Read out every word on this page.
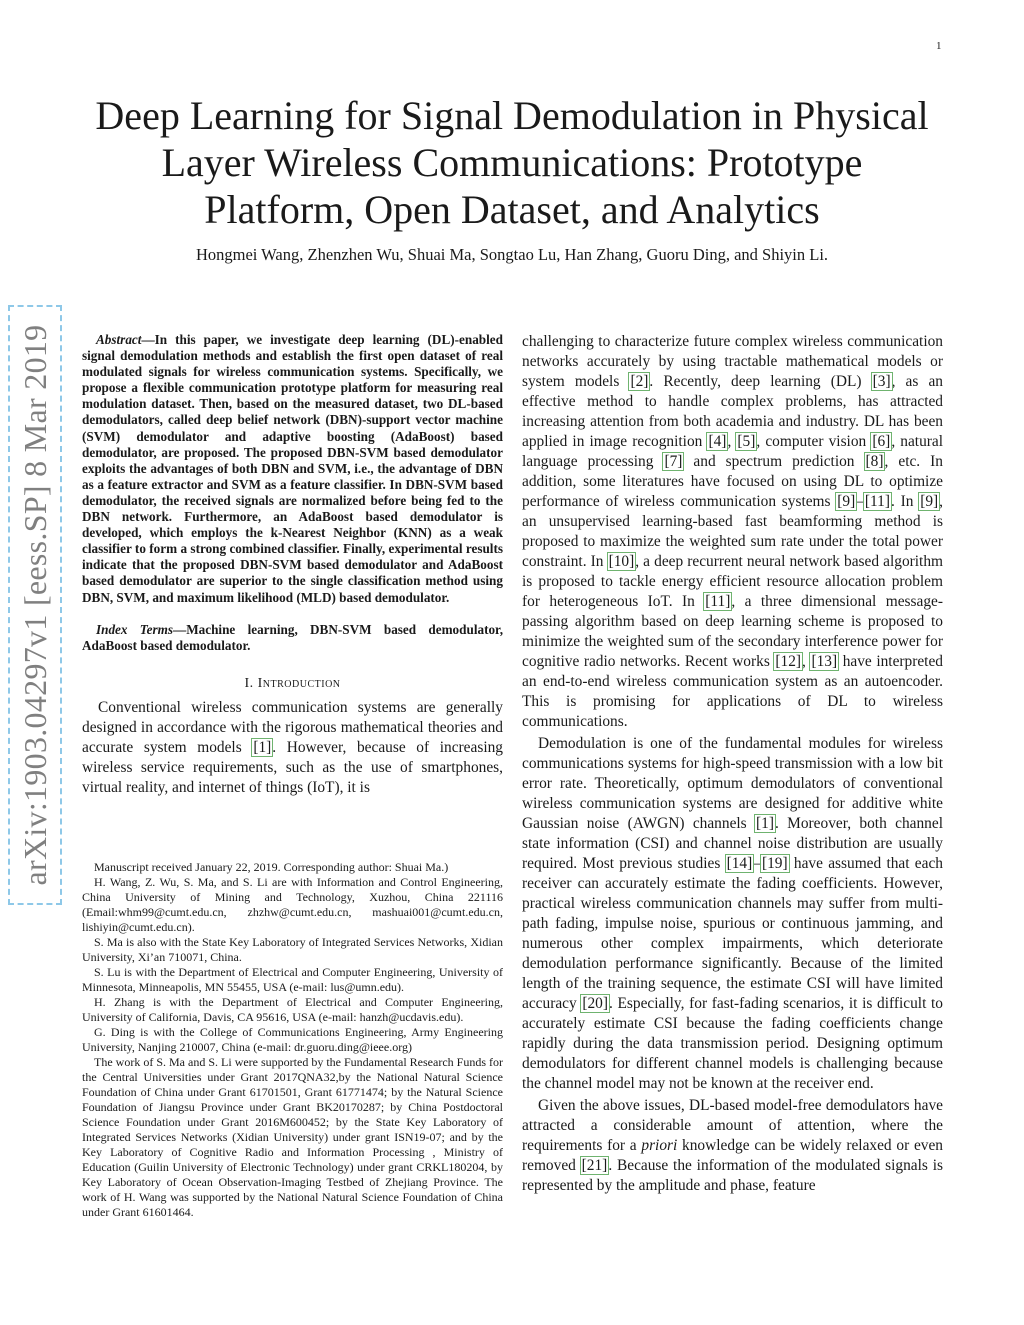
1
Deep Learning for Signal Demodulation in Physical
Layer Wireless Communications: Prototype
Platform, Open Dataset, and Analytics
Hongmei Wang, Zhenzhen Wu, Shuai Ma, Songtao Lu, Han Zhang, Guoru Ding, and Shiyin Li.
arXiv:1903.04297v1 [eess.SP] 8 Mar 2019	Abstract—In this paper, we investigate deep learning (DL)-enabled signal demodulation methods and establish the first open dataset of real modulated signals for wireless communication systems. Specifically, we propose a flexible communication prototype platform for measuring real modulation dataset. Then, based on the measured dataset, two DL-based demodulators, called deep belief network (DBN)-support vector machine (SVM) demodulator and adaptive boosting (AdaBoost) based demodulator, are proposed. The proposed DBN-SVM based demodulator exploits the advantages of both DBN and SVM, i.e., the advantage of DBN as a feature extractor and SVM as a feature classifier. In DBN-SVM based demodulator, the received signals are normalized before being fed to the DBN network. Furthermore, an AdaBoost based demodulator is developed, which employs the k-Nearest Neighbor (KNN) as a weak classifier to form a strong combined classifier. Finally, experimental results indicate that the proposed DBN-SVM based demodulator and AdaBoost based demodulator are superior to the single classification method using DBN, SVM, and maximum likelihood (MLD) based demodulator.

Index Terms—Machine learning, DBN-SVM based demodulator, AdaBoost based demodulator.

I. Introduction

Conventional wireless communication systems are generally designed in accordance with the rigorous mathematical theories and accurate system models [1]. However, because of increasing wireless service requirements, such as the use of smartphones, virtual reality, and internet of things (IoT), it is

Manuscript received January 22, 2019. Corresponding author: Shuai Ma.)

H. Wang, Z. Wu, S. Ma, and S. Li are with Information and Control Engineering, China University of Mining and Technology, Xuzhou, China 221116 (Email:whm99@cumt.edu.cn, zhzhw@cumt.edu.cn, mashuai001@cumt.edu.cn, lishiyin@cumt.edu.cn).

S. Ma is also with the State Key Laboratory of Integrated Services Networks, Xidian University, Xi’an 710071, China.

S. Lu is with the Department of Electrical and Computer Engineering, University of Minnesota, Minneapolis, MN 55455, USA (e-mail: lus@umn.edu).

H. Zhang is with the Department of Electrical and Computer Engineering, University of California, Davis, CA 95616, USA (e-mail: hanzh@ucdavis.edu).

G. Ding is with the College of Communications Engineering, Army Engineering University, Nanjing 210007, China (e-mail: dr.guoru.ding@ieee.org)

The work of S. Ma and S. Li were supported by the Fundamental Research Funds for the Central Universities under Grant 2017QNA32,by the National Natural Science Foundation of China under Grant 61701501, Grant 61771474; by the Natural Science Foundation of Jiangsu Province under Grant BK20170287; by China Postdoctoral Science Foundation under Grant 2016M600452; by the State Key Laboratory of Integrated Services Networks (Xidian University) under grant ISN19-07; and by the Key Laboratory of Cognitive Radio and Information Processing , Ministry of Education (Guilin University of Electronic Technology) under grant CRKL180204, by Key Laboratory of Ocean Observation-Imaging Testbed of Zhejiang Province. The work of H. Wang was supported by the National Natural Science Foundation of China under Grant 61601464.

challenging to characterize future complex wireless communication networks accurately by using tractable mathematical models or system models [2]. Recently, deep learning (DL) [3], as an effective method to handle complex problems, has attracted increasing attention from both academia and industry. DL has been applied in image recognition [4], [5], computer vision [6], natural language processing [7] and spectrum prediction [8], etc. In addition, some literatures have focused on using DL to optimize performance of wireless communication systems [9]–[11]. In [9], an unsupervised learning-based fast beamforming method is proposed to maximize the weighted sum rate under the total power constraint. In [10], a deep recurrent neural network based algorithm is proposed to tackle energy efficient resource allocation problem for heterogeneous IoT. In [11], a three dimensional message-passing algorithm based on deep learning scheme is proposed to minimize the weighted sum of the secondary interference power for cognitive radio networks. Recent works [12], [13] have interpreted an end-to-end wireless communication system as an autoencoder. This is promising for applications of DL to wireless communications.

Demodulation is one of the fundamental modules for wireless communications systems for high-speed transmission with a low bit error rate. Theoretically, optimum demodulators of conventional wireless communication systems are designed for additive white Gaussian noise (AWGN) channels [1]. Moreover, both channel state information (CSI) and channel noise distribution are usually required. Most previous studies [14]–[19] have assumed that each receiver can accurately estimate the fading coefficients. However, practical wireless communication channels may suffer from multi-path fading, impulse noise, spurious or continuous jamming, and numerous other complex impairments, which deteriorate demodulation performance significantly. Because of the limited length of the training sequence, the estimate CSI will have limited accuracy [20]. Especially, for fast-fading scenarios, it is difficult to accurately estimate CSI because the fading coefficients change rapidly during the data transmission period. Designing optimum demodulators for different channel models is challenging because the channel model may not be known at the receiver end.

Given the above issues, DL-based model-free demodulators have attracted a considerable amount of attention, where the requirements for a priori knowledge can be widely relaxed or even removed [21]. Because the information of the modulated signals is represented by the amplitude and phase, feature
